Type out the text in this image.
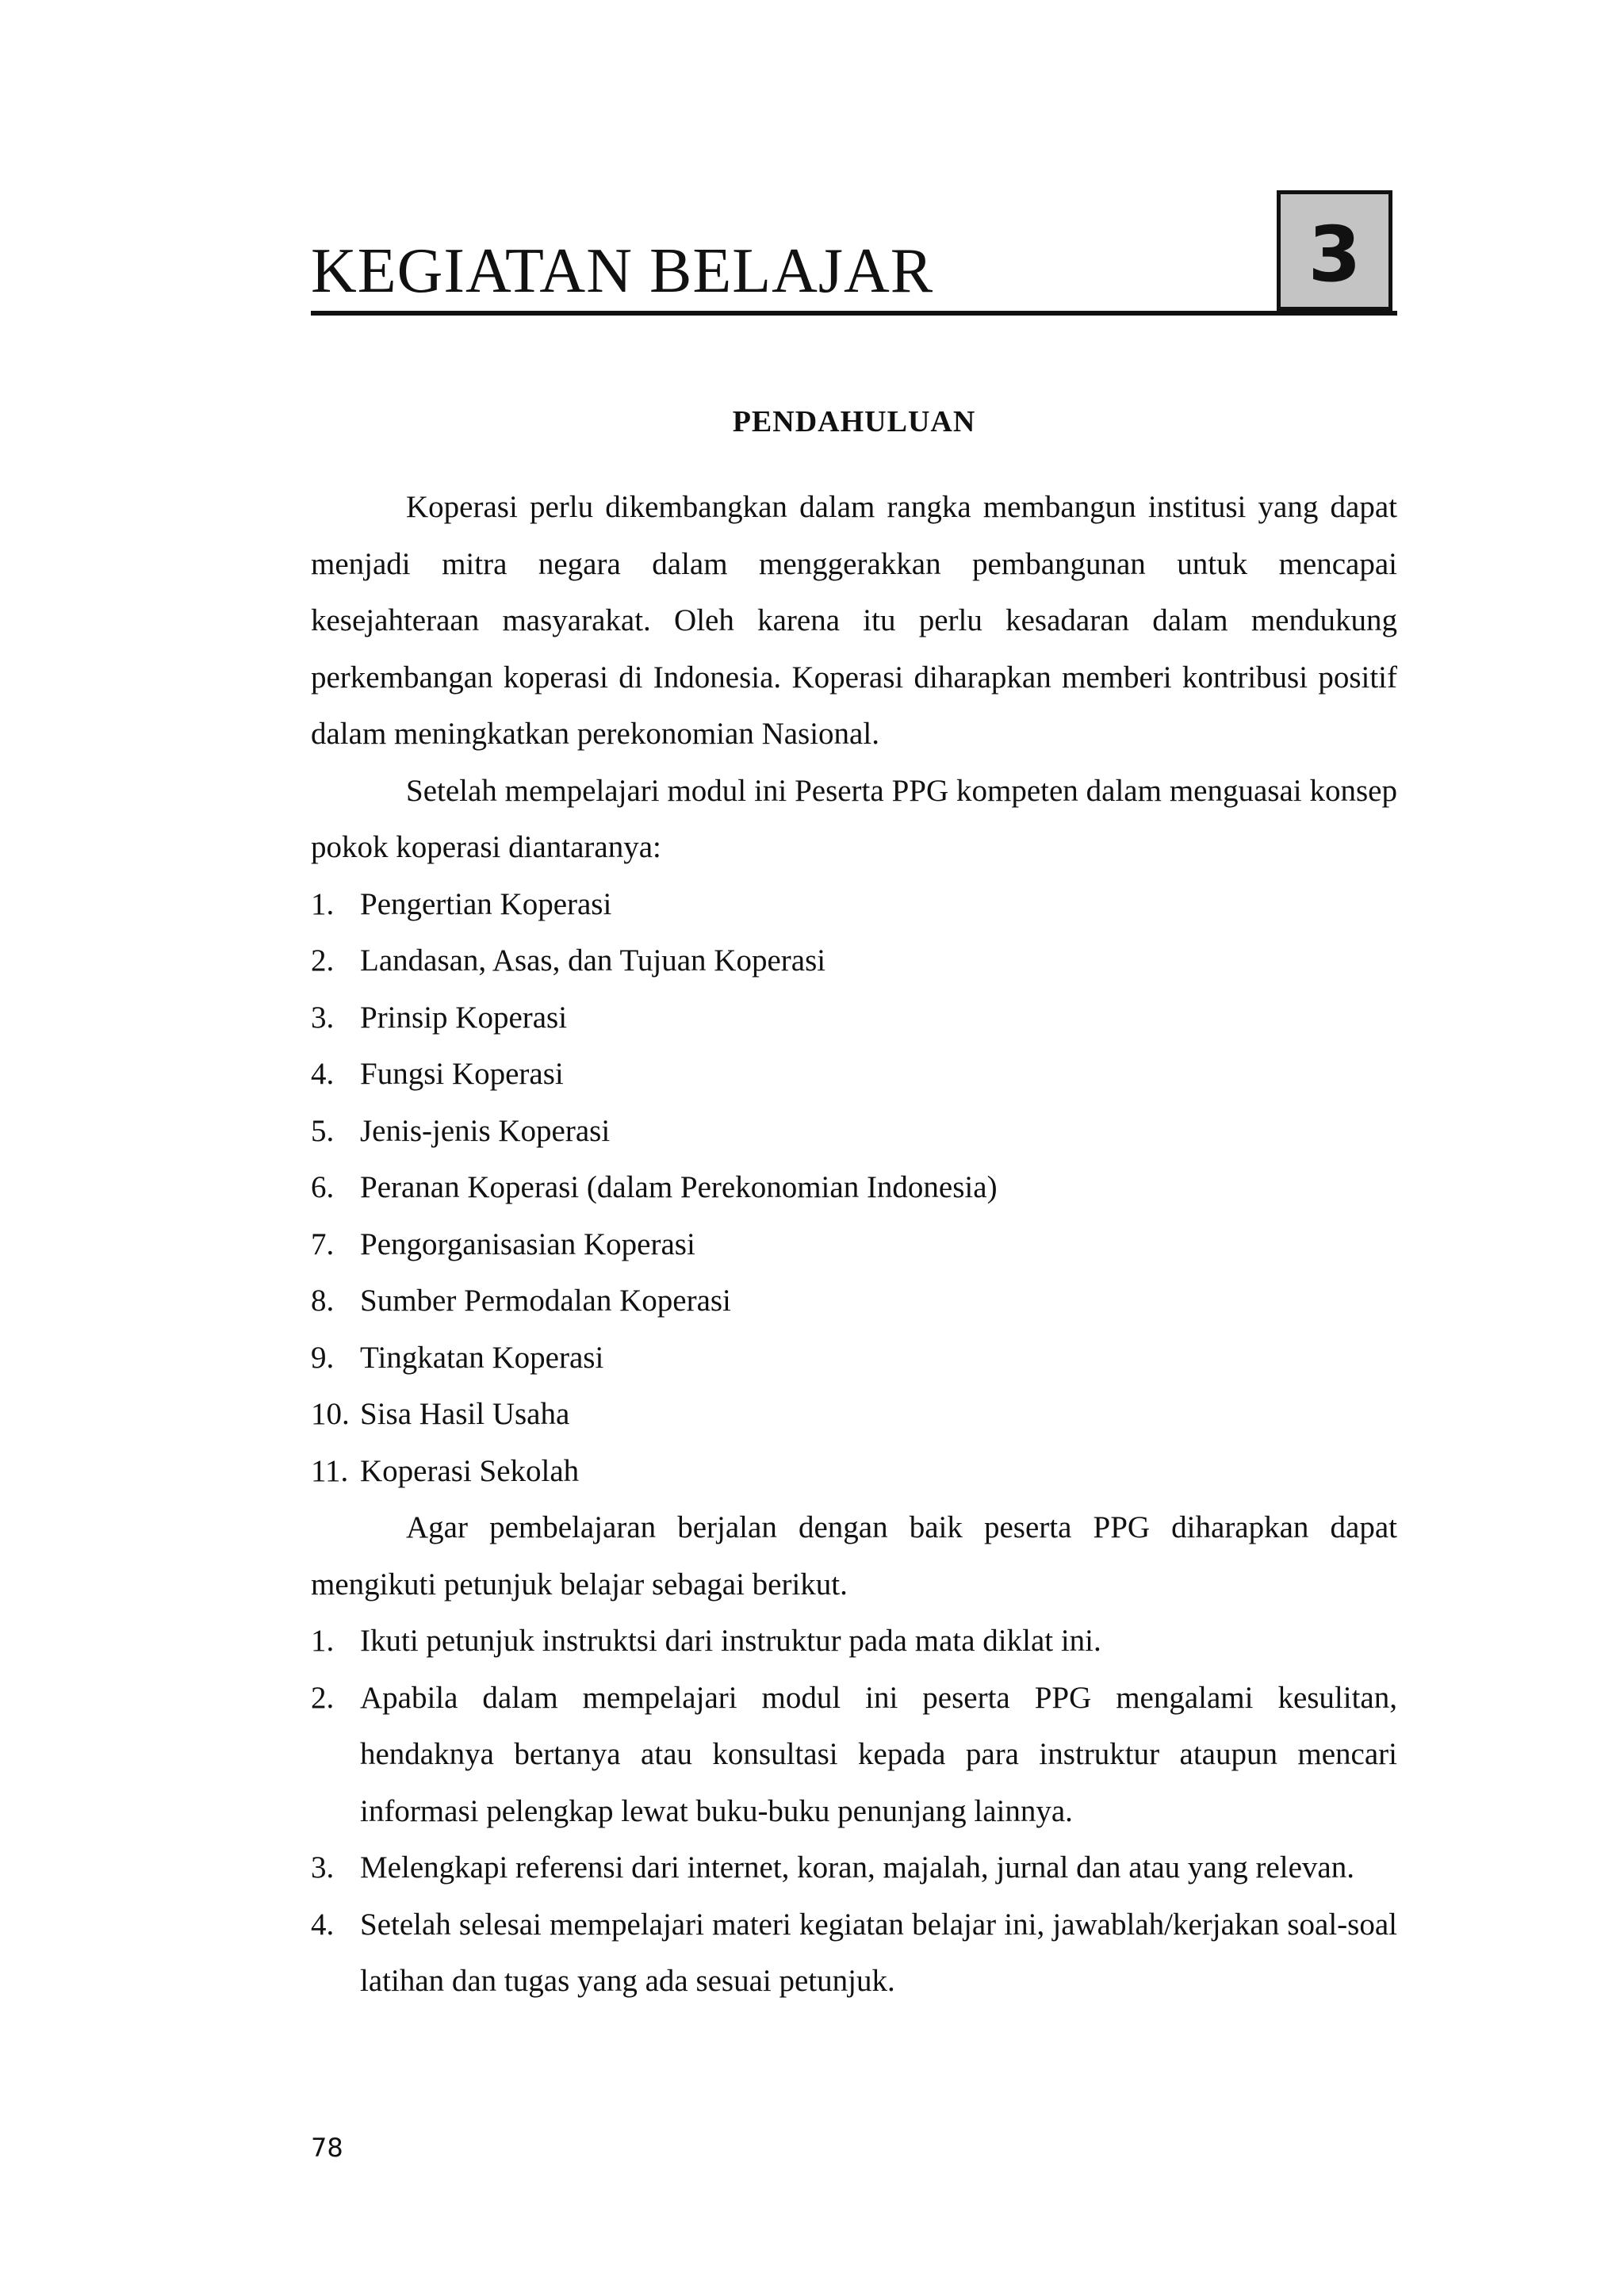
KEGIATAN BELAJAR	3
PENDAHULUAN

Koperasi perlu dikembangkan dalam rangka membangun institusi yang dapat menjadi mitra negara dalam menggerakkan pembangunan untuk mencapai kesejahteraan masyarakat. Oleh karena itu perlu kesadaran dalam mendukung perkembangan koperasi di Indonesia. Koperasi diharapkan memberi kontribusi positif dalam meningkatkan perekonomian Nasional.

Setelah mempelajari modul ini Peserta PPG kompeten dalam menguasai konsep pokok koperasi diantaranya:

1. Pengertian Koperasi
2. Landasan, Asas, dan Tujuan Koperasi
3. Prinsip Koperasi
4. Fungsi Koperasi
5. Jenis-jenis Koperasi
6. Peranan Koperasi (dalam Perekonomian Indonesia)
7. Pengorganisasian Koperasi
8. Sumber Permodalan Koperasi
9. Tingkatan Koperasi
10. Sisa Hasil Usaha
11. Koperasi Sekolah

Agar pembelajaran berjalan dengan baik peserta PPG diharapkan dapat mengikuti petunjuk belajar sebagai berikut.

1. Ikuti petunjuk instruktsi dari instruktur pada mata diklat ini.
2. Apabila dalam mempelajari modul ini peserta PPG mengalami kesulitan, hendaknya bertanya atau konsultasi kepada para instruktur ataupun mencari informasi pelengkap lewat buku-buku penunjang lainnya.
3. Melengkapi referensi dari internet, koran, majalah, jurnal dan atau yang relevan.
4. Setelah selesai mempelajari materi kegiatan belajar ini, jawablah/kerjakan soal-soal latihan dan tugas yang ada sesuai petunjuk.
78
